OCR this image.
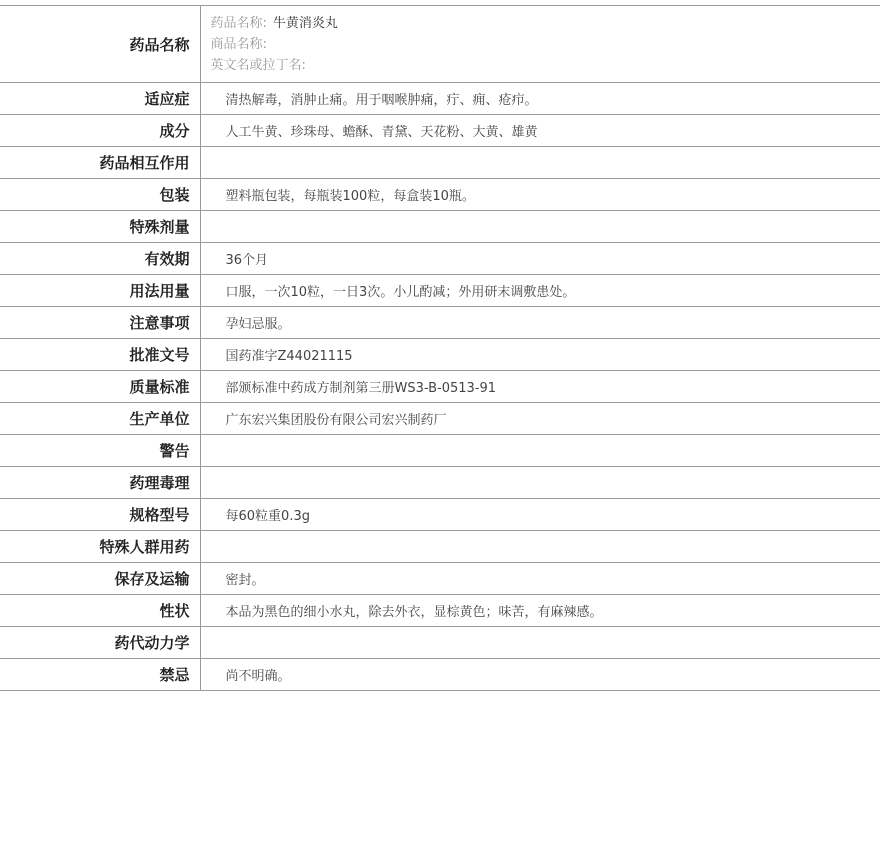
药品名称	药品名称: 牛黄消炎丸
商品名称:
英文名或拉丁名:

适应症	清热解毒，消肿止痛。用于咽喉肿痛，疔、痈、疮疖。
成分	人工牛黄、珍珠母、蟾酥、青黛、天花粉、大黄、雄黄
药品相互作用	
包装	塑料瓶包装，每瓶装100粒，每盒装10瓶。
特殊剂量	
有效期	36个月
用法用量	口服，一次10粒，一日3次。小儿酌减；外用研末调敷患处。
注意事项	孕妇忌服。
批准文号	国药准字Z44021115
质量标准	部颁标准中药成方制剂第三册WS3-B-0513-91
生产单位	广东宏兴集团股份有限公司宏兴制药厂
警告	
药理毒理	
规格型号	每60粒重0.3g
特殊人群用药	
保存及运输	密封。
性状	本品为黑色的细小水丸，除去外衣，显棕黄色；味苦，有麻辣感。
药代动力学	
禁忌	尚不明确。
